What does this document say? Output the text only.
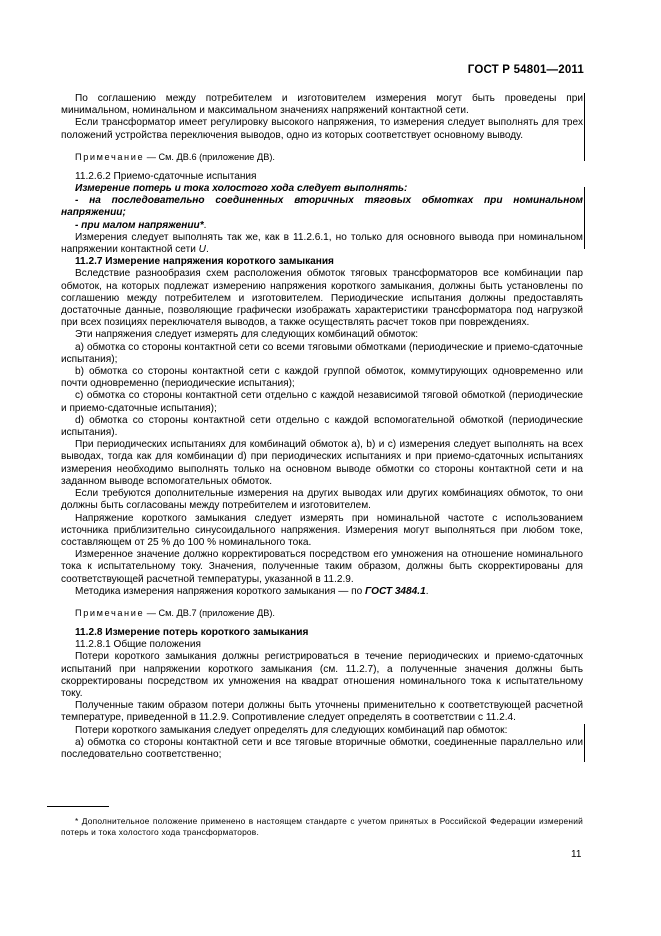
ГОСТ Р 54801—2011

По соглашению между потребителем и изготовителем измерения могут быть проведены при минимальном, номинальном и максимальном значениях напряжений контактной сети.

Если трансформатор имеет регулировку высокого напряжения, то измерения следует выполнять для трех положений устройства переключения выводов, одно из которых соответствует основному выводу.

Примечание — См. ДВ.6 (приложение ДВ).

11.2.6.2 Приемо-сдаточные испытания

Измерение потерь и тока холостого хода следует выполнять:

- на последовательно соединенных вторичных тяговых обмотках при номинальном напряжении;

- при малом напряжении*.

Измерения следует выполнять так же, как в 11.2.6.1, но только для основного вывода при номинальном напряжении контактной сети U.

11.2.7 Измерение напряжения короткого замыкания

Вследствие разнообразия схем расположения обмоток тяговых трансформаторов все комбинации пар обмоток, на которых подлежат измерению напряжения короткого замыкания, должны быть установлены по соглашению между потребителем и изготовителем. Периодические испытания должны предоставлять достаточные данные, позволяющие графически изображать характеристики трансформатора под нагрузкой при всех позициях переключателя выводов, а также осуществлять расчет токов при повреждениях.

Эти напряжения следует измерять для следующих комбинаций обмоток:

а) обмотка со стороны контактной сети со всеми тяговыми обмотками (периодические и приемо-сдаточные испытания);

b) обмотка со стороны контактной сети с каждой группой обмоток, коммутирующих одновременно или почти одновременно (периодические испытания);

c) обмотка со стороны контактной сети отдельно с каждой независимой тяговой обмоткой (периодические и приемо-сдаточные испытания);

d) обмотка со стороны контактной сети отдельно с каждой вспомогательной обмоткой (периодические испытания).

При периодических испытаниях для комбинаций обмоток а), b) и с) измерения следует выполнять на всех выводах, тогда как для комбинации d) при периодических испытаниях и при приемо-сдаточных испытаниях измерения необходимо выполнять только на основном выводе обмотки со стороны контактной сети и на заданном выводе вспомогательных обмоток.

Если требуются дополнительные измерения на других выводах или других комбинациях обмоток, то они должны быть согласованы между потребителем и изготовителем.

Напряжение короткого замыкания следует измерять при номинальной частоте с использованием источника приблизительно синусоидального напряжения. Измерения могут выполняться при любом токе, составляющем от 25 % до 100 % номинального тока.

Измеренное значение должно корректироваться посредством его умножения на отношение номинального тока к испытательному току. Значения, полученные таким образом, должны быть скорректированы для соответствующей расчетной температуры, указанной в 11.2.9.

Методика измерения напряжения короткого замыкания — по ГОСТ 3484.1.

Примечание — См. ДВ.7 (приложение ДВ).

11.2.8 Измерение потерь короткого замыкания

11.2.8.1 Общие положения

Потери короткого замыкания должны регистрироваться в течение периодических и приемо-сдаточных испытаний при напряжении короткого замыкания (см. 11.2.7), а полученные значения должны быть скорректированы посредством их умножения на квадрат отношения номинального тока к испытательному току.

Полученные таким образом потери должны быть уточнены применительно к соответствующей расчетной температуре, приведенной в 11.2.9. Сопротивление следует определять в соответствии с 11.2.4.

Потери короткого замыкания следует определять для следующих комбинаций пар обмоток:

а) обмотка со стороны контактной сети и все тяговые вторичные обмотки, соединенные параллельно или последовательно соответственно;

* Дополнительное положение применено в настоящем стандарте с учетом принятых в Российской Федерации измерений потерь и тока холостого хода трансформаторов.

11
